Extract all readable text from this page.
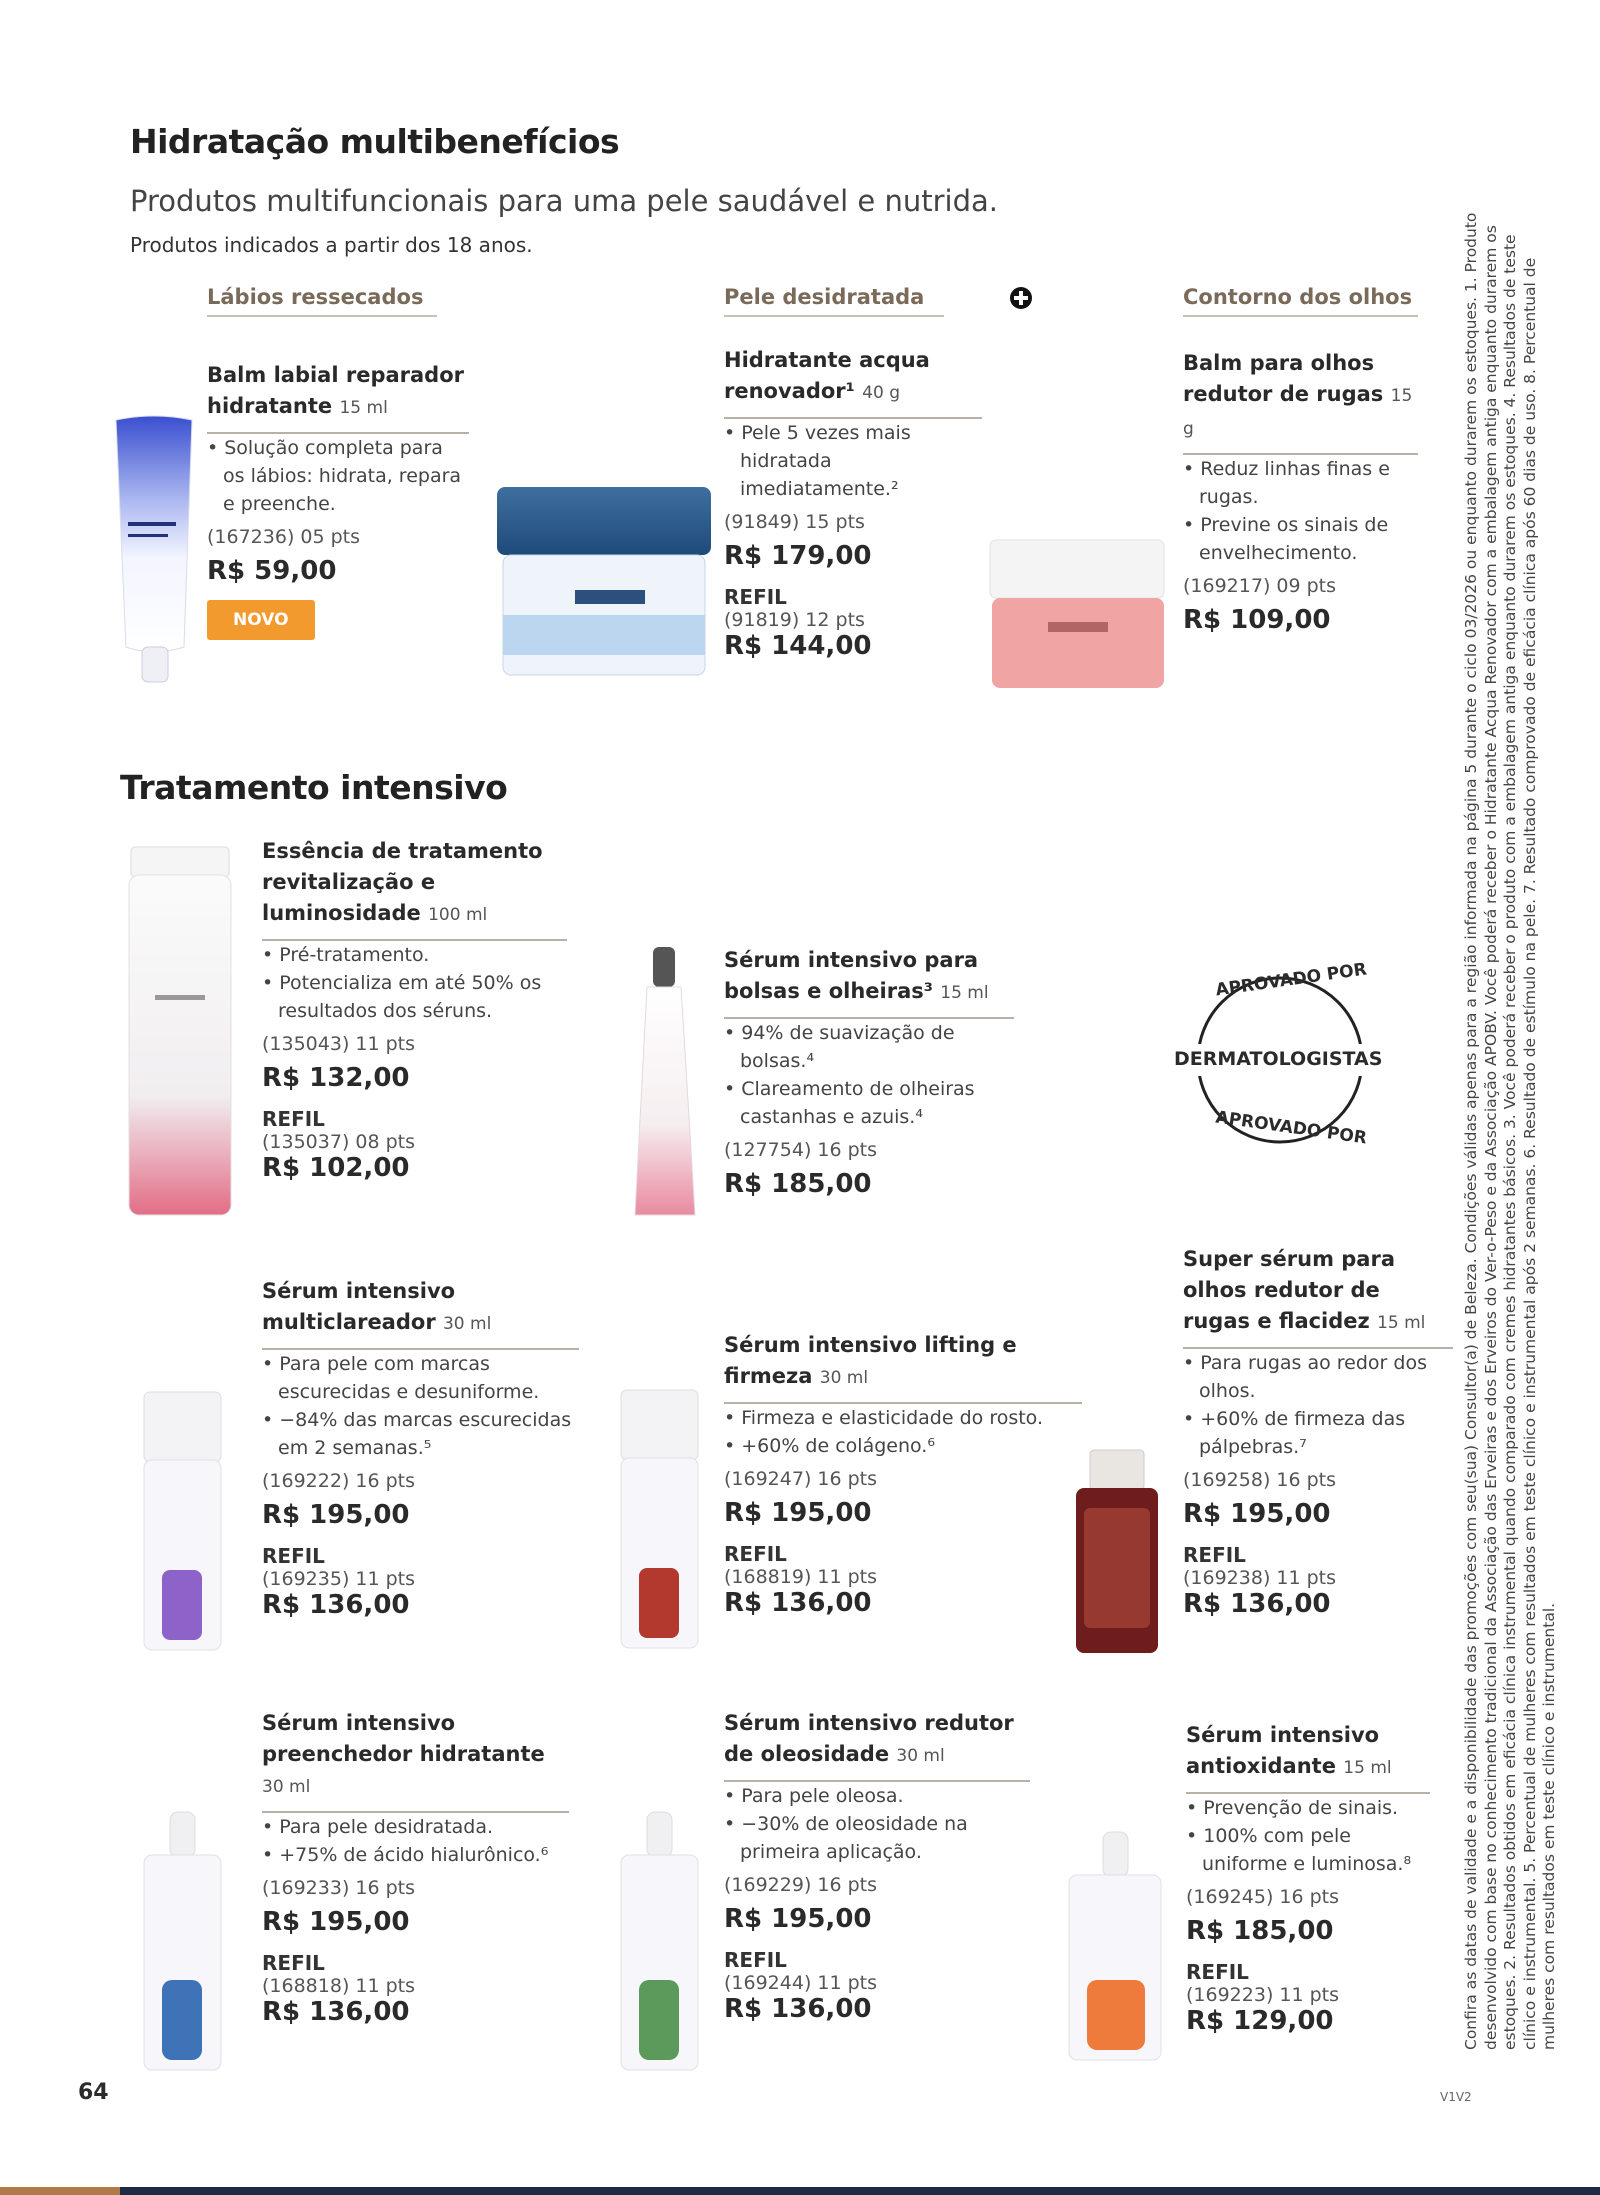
Hidratação multibenefícios
Produtos multifuncionais para uma pele saudável e nutrida.
Produtos indicados a partir dos 18 anos.
Lábios ressecados	Pele desidratada	Contorno dos olhos
Balm labial reparador hidratante 15 ml
• Solução completa para os lábios: hidrata, repara e preenche.
(167236) 05 pts
R$ 59,00
NOVO
Hidratante acqua renovador¹ 40 g
• Pele 5 vezes mais hidratada imediatamente.²
(91849) 15 pts
R$ 179,00
REFIL
(91819) 12 pts
R$ 144,00
Balm para olhos redutor de rugas 15 g
• Reduz linhas finas e rugas.
• Previne os sinais de envelhecimento.
(169217) 09 pts
R$ 109,00
Tratamento intensivo
APROVADO POR
DERMATOLOGISTAS
APROVADO POR
Essência de tratamento revitalização e luminosidade 100 ml
• Pré-tratamento.
• Potencializa em até 50% os resultados dos séruns.
(135043) 11 pts
R$ 132,00
REFIL
(135037) 08 pts
R$ 102,00
Sérum intensivo para bolsas e olheiras³ 15 ml
• 94% de suavização de bolsas.⁴
• Clareamento de olheiras castanhas e azuis.⁴
(127754) 16 pts
R$ 185,00
Sérum intensivo multiclareador 30 ml
• Para pele com marcas escurecidas e desuniforme.
• −84% das marcas escurecidas em 2 semanas.⁵
(169222) 16 pts
R$ 195,00
REFIL
(169235) 11 pts
R$ 136,00
Sérum intensivo lifting e firmeza 30 ml
• Firmeza e elasticidade do rosto.
• +60% de colágeno.⁶
(169247) 16 pts
R$ 195,00
REFIL
(168819) 11 pts
R$ 136,00
Super sérum para olhos redutor de rugas e flacidez 15 ml
• Para rugas ao redor dos olhos.
• +60% de firmeza das pálpebras.⁷
(169258) 16 pts
R$ 195,00
REFIL
(169238) 11 pts
R$ 136,00
Sérum intensivo preenchedor hidratante 30 ml
• Para pele desidratada.
• +75% de ácido hialurônico.⁶
(169233) 16 pts
R$ 195,00
REFIL
(168818) 11 pts
R$ 136,00
Sérum intensivo redutor de oleosidade 30 ml
• Para pele oleosa.
• −30% de oleosidade na primeira aplicação.
(169229) 16 pts
R$ 195,00
REFIL
(169244) 11 pts
R$ 136,00
Sérum intensivo antioxidante 15 ml
• Prevenção de sinais.
• 100% com pele uniforme e luminosa.⁸
(169245) 16 pts
R$ 185,00
REFIL
(169223) 11 pts
R$ 129,00	Confira as datas de validade e a disponibilidade das promoções com seu(sua) Consultor(a) de Beleza. Condições válidas apenas para a região informada na página 5 durante o ciclo 03/2026 ou enquanto durarem os estoques. 1. Produto desenvolvido com base no conhecimento tradicional da Associação das Erveiras e dos Erveiros do Ver-o-Peso e da Associação APOBV. Você poderá receber o Hidratante Acqua Renovador com a embalagem antiga enquanto durarem os estoques. 2. Resultados obtidos em eficácia clínica instrumental quando comparado com cremes hidratantes básicos. 3. Você poderá receber o produto com a embalagem antiga enquanto durarem os estoques. 4. Resultados de teste clínico e instrumental. 5. Percentual de mulheres com resultados em teste clínico e instrumental após 2 semanas. 6. Resultado de estímulo na pele. 7. Resultado comprovado de eficácia clínica após 60 dias de uso. 8. Percentual de mulheres com resultados em teste clínico e instrumental.
64	V1V2
